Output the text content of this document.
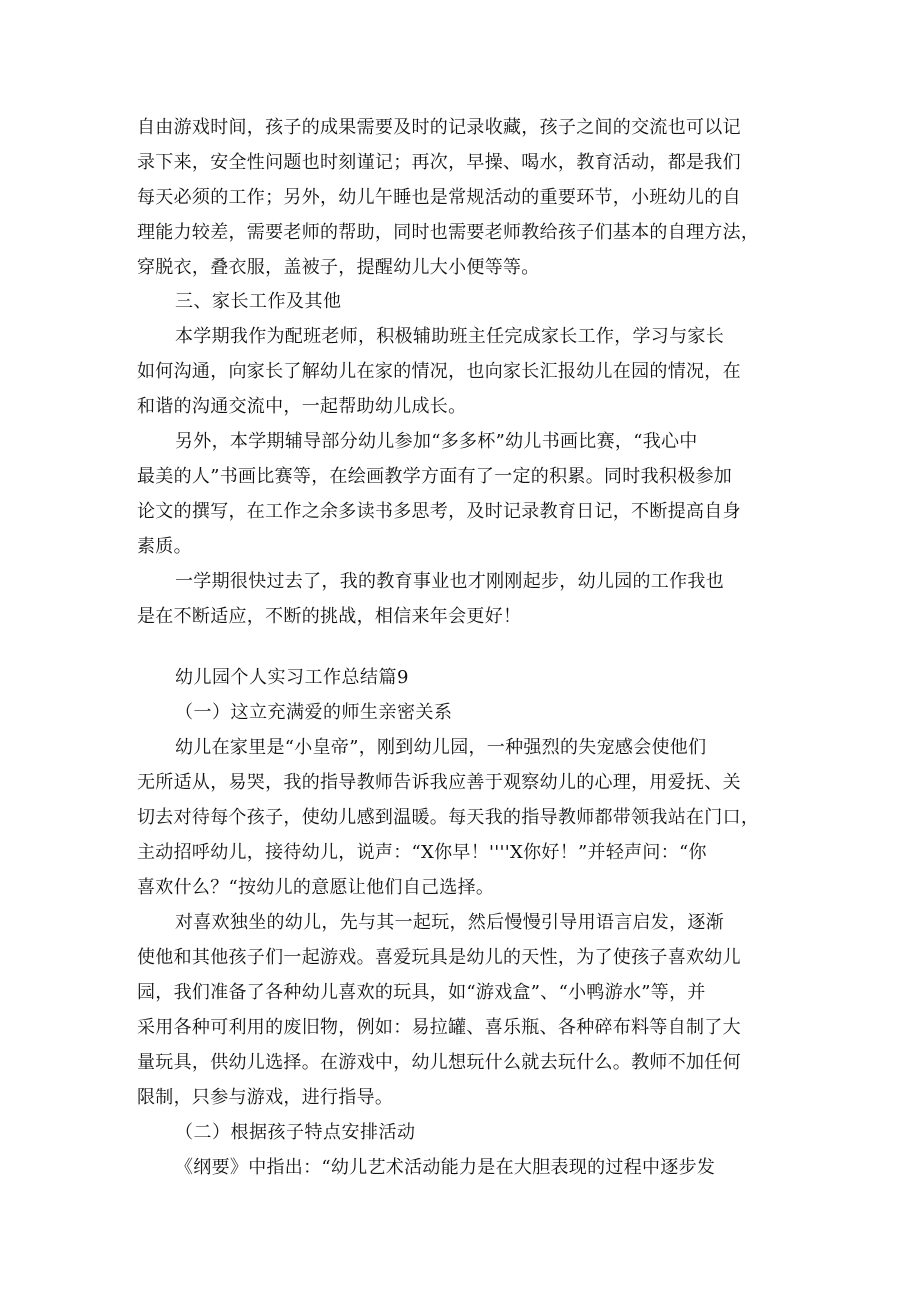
自由游戏时间，孩子的成果需要及时的记录收藏，孩子之间的交流也可以记
录下来，安全性问题也时刻谨记；再次，早操、喝水，教育活动，都是我们
每天必须的工作；另外，幼儿午睡也是常规活动的重要环节，小班幼儿的自
理能力较差，需要老师的帮助，同时也需要老师教给孩子们基本的自理方法，
穿脱衣，叠衣服，盖被子，提醒幼儿大小便等等。
三、家长工作及其他
本学期我作为配班老师，积极辅助班主任完成家长工作，学习与家长
如何沟通，向家长了解幼儿在家的情况，也向家长汇报幼儿在园的情况，在
和谐的沟通交流中，一起帮助幼儿成长。
另外，本学期辅导部分幼儿参加“多多杯”幼儿书画比赛，“我心中
最美的人”书画比赛等，在绘画教学方面有了一定的积累。同时我积极参加
论文的撰写，在工作之余多读书多思考，及时记录教育日记，不断提高自身
素质。
一学期很快过去了，我的教育事业也才刚刚起步，幼儿园的工作我也
是在不断适应，不断的挑战，相信来年会更好！
幼儿园个人实习工作总结篇9
（一）这立充满爱的师生亲密关系
幼儿在家里是“小皇帝”，刚到幼儿园，一种强烈的失宠感会使他们
无所适从，易哭，我的指导教师告诉我应善于观察幼儿的心理，用爱抚、关
切去对待每个孩子，使幼儿感到温暖。每天我的指导教师都带领我站在门口，
主动招呼幼儿，接待幼儿，说声：“X你早！''''X你好！”并轻声问：“你
喜欢什么？“按幼儿的意愿让他们自己选择。
对喜欢独坐的幼儿，先与其一起玩，然后慢慢引导用语言启发，逐渐
使他和其他孩子们一起游戏。喜爱玩具是幼儿的天性，为了使孩子喜欢幼儿
园，我们准备了各种幼儿喜欢的玩具，如“游戏盒”、“小鸭游水”等，并
采用各种可利用的废旧物，例如：易拉罐、喜乐瓶、各种碎布料等自制了大
量玩具，供幼儿选择。在游戏中，幼儿想玩什么就去玩什么。教师不加任何
限制，只参与游戏，进行指导。
（二）根据孩子特点安排活动
《纲要》中指出：“幼儿艺术活动能力是在大胆表现的过程中逐步发
